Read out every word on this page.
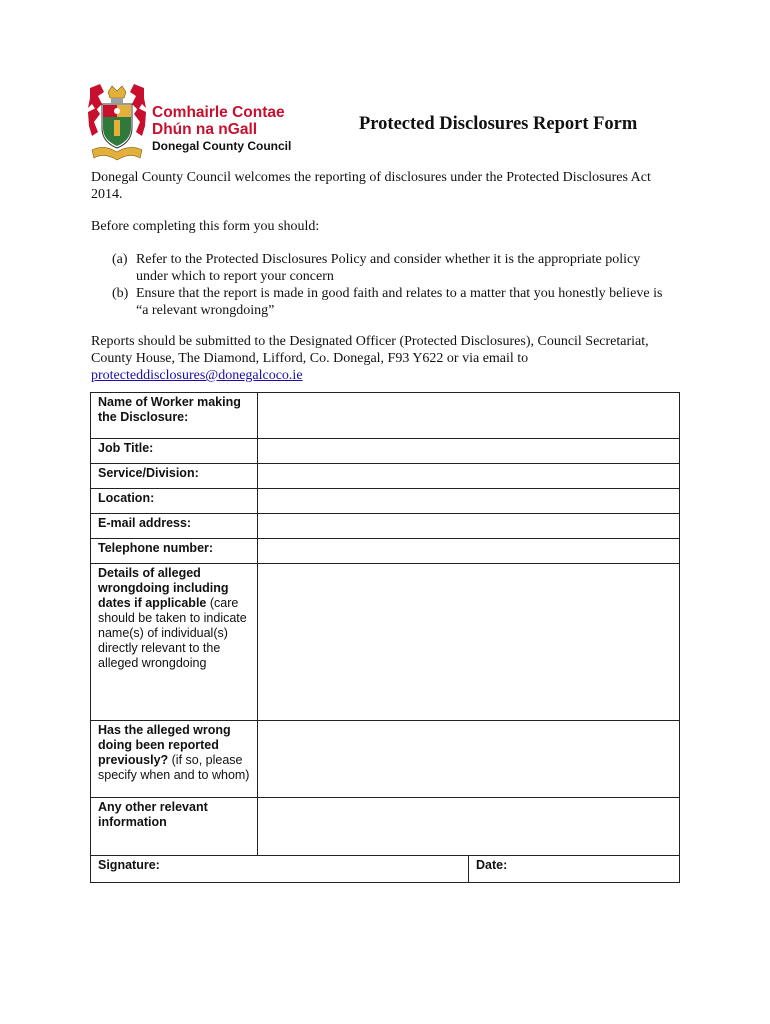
Comhairle Contae
Dhún na nGall
Donegal County Council
Protected Disclosures Report Form
Donegal County Council welcomes the reporting of disclosures under the Protected Disclosures Act 2014.
Before completing this form you should:
(a) Refer to the Protected Disclosures Policy and consider whether it is the appropriate policy under which to report your concern
(b) Ensure that the report is made in good faith and relates to a matter that you honestly believe is “a relevant wrongdoing”
Reports should be submitted to the Designated Officer (Protected Disclosures), Council Secretariat, County House, The Diamond, Lifford, Co. Donegal, F93 Y622 or via email to
protecteddisclosures@donegalcoco.ie
Name of Worker making the Disclosure:		
Job Title:		
Service/Division:		
Location:		
E-mail address:		
Telephone number:		
Details of alleged wrongdoing including dates if applicable (care should be taken to indicate name(s) of individual(s) directly relevant to the alleged wrongdoing		
Has the alleged wrong doing been reported previously? (if so, please specify when and to whom)		
Any other relevant information		
Signature:		Date:
